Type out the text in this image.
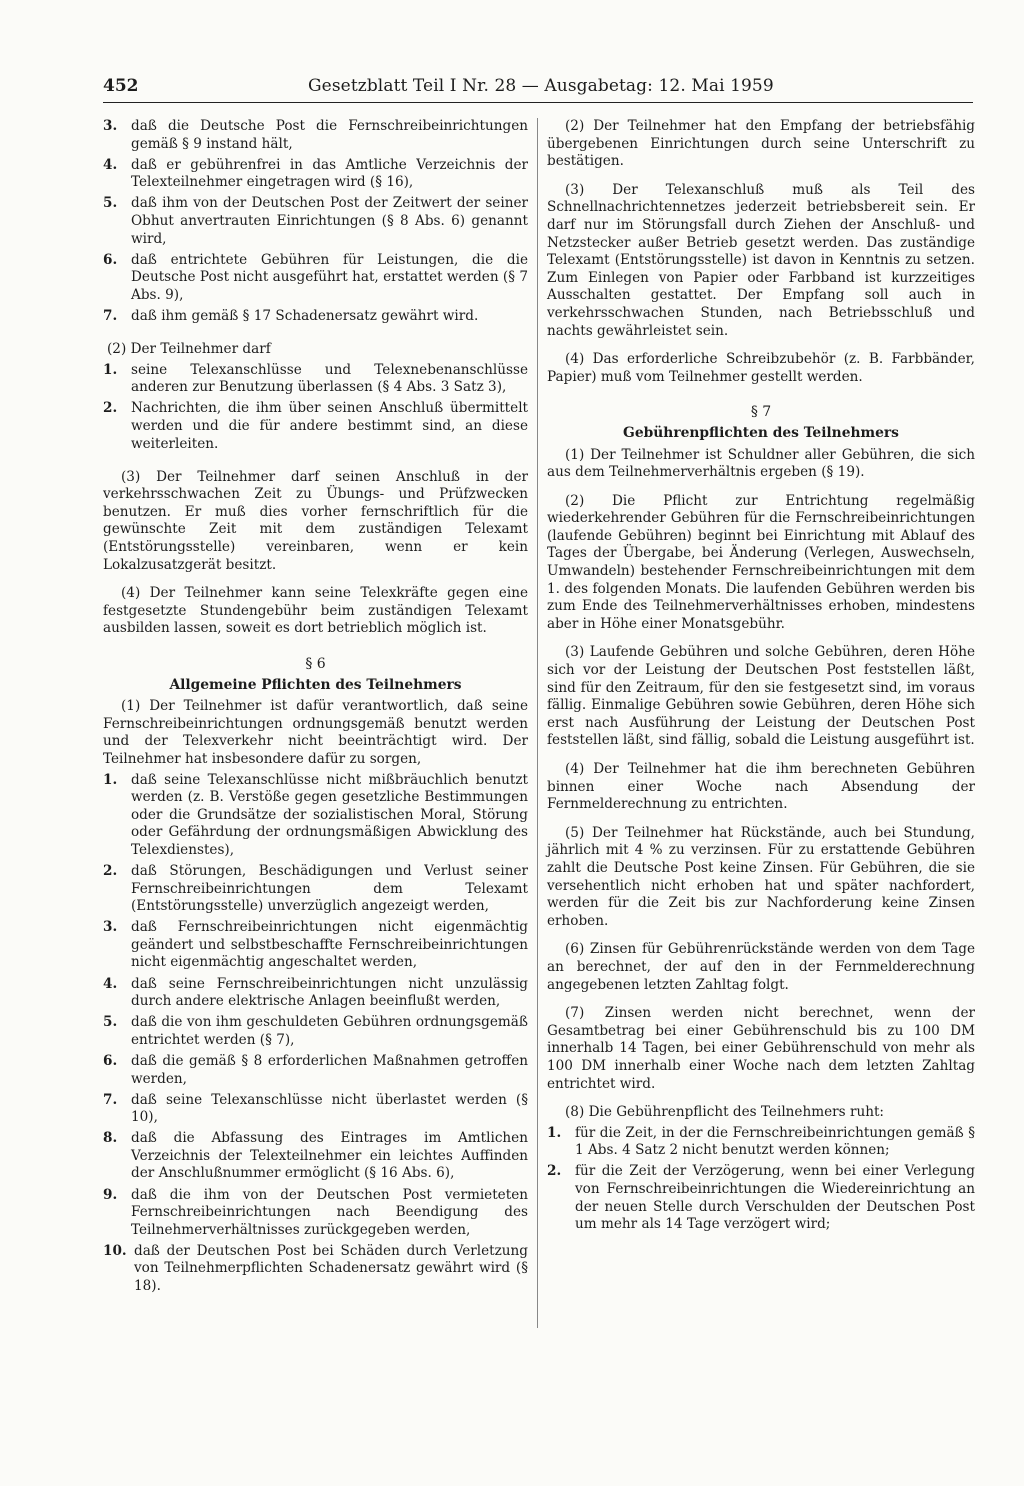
452	Gesetzblatt Teil I Nr. 28 — Ausgabetag: 12. Mai 1959
3.	daß die Deutsche Post die Fernschreibeinrichtungen gemäß § 9 instand hält,
4.	daß er gebührenfrei in das Amtliche Verzeichnis der Telexteilnehmer eingetragen wird (§ 16),
5.	daß ihm von der Deutschen Post der Zeitwert der seiner Obhut anvertrauten Einrichtungen (§ 8 Abs. 6) genannt wird,
6.	daß entrichtete Gebühren für Leistungen, die die Deutsche Post nicht ausgeführt hat, erstattet werden (§ 7 Abs. 9),
7.	daß ihm gemäß § 17 Schadenersatz gewährt wird.
(2) Der Teilnehmer darf
1.	seine Telexanschlüsse und Telexnebenanschlüsse anderen zur Benutzung überlassen (§ 4 Abs. 3 Satz 3),
2.	Nachrichten, die ihm über seinen Anschluß übermittelt werden und die für andere bestimmt sind, an diese weiterleiten.
(3) Der Teilnehmer darf seinen Anschluß in der verkehrsschwachen Zeit zu Übungs- und Prüfzwecken benutzen. Er muß dies vorher fernschriftlich für die gewünschte Zeit mit dem zuständigen Telexamt (Entstörungsstelle) vereinbaren, wenn er kein Lokalzusatzgerät besitzt.
(4) Der Teilnehmer kann seine Telexkräfte gegen eine festgesetzte Stundengebühr beim zuständigen Telexamt ausbilden lassen, soweit es dort betrieblich möglich ist.
§ 6
Allgemeine Pflichten des Teilnehmers
(1) Der Teilnehmer ist dafür verantwortlich, daß seine Fernschreibeinrichtungen ordnungsgemäß benutzt werden und der Telexverkehr nicht beeinträchtigt wird. Der Teilnehmer hat insbesondere dafür zu sorgen,
1.	daß seine Telexanschlüsse nicht mißbräuchlich benutzt werden (z. B. Verstöße gegen gesetzliche Bestimmungen oder die Grundsätze der sozialistischen Moral, Störung oder Gefährdung der ordnungsmäßigen Abwicklung des Telexdienstes),
2.	daß Störungen, Beschädigungen und Verlust seiner Fernschreibeinrichtungen dem Telexamt (Entstörungsstelle) unverzüglich angezeigt werden,
3.	daß Fernschreibeinrichtungen nicht eigenmächtig geändert und selbstbeschaffte Fernschreibeinrichtungen nicht eigenmächtig angeschaltet werden,
4.	daß seine Fernschreibeinrichtungen nicht unzulässig durch andere elektrische Anlagen beeinflußt werden,
5.	daß die von ihm geschuldeten Gebühren ordnungsgemäß entrichtet werden (§ 7),
6.	daß die gemäß § 8 erforderlichen Maßnahmen getroffen werden,
7.	daß seine Telexanschlüsse nicht überlastet werden (§ 10),
8.	daß die Abfassung des Eintrages im Amtlichen Verzeichnis der Telexteilnehmer ein leichtes Auffinden der Anschlußnummer ermöglicht (§ 16 Abs. 6),
9.	daß die ihm von der Deutschen Post vermieteten Fernschreibeinrichtungen nach Beendigung des Teilnehmerverhältnisses zurückgegeben werden,
10. daß der Deutschen Post bei Schäden durch Verletzung von Teilnehmerpflichten Schadenersatz gewährt wird (§ 18).
(2) Der Teilnehmer hat den Empfang der betriebsfähig übergebenen Einrichtungen durch seine Unterschrift zu bestätigen.
(3) Der Telexanschluß muß als Teil des Schnellnachrichtennetzes jederzeit betriebsbereit sein. Er darf nur im Störungsfall durch Ziehen der Anschluß- und Netzstecker außer Betrieb gesetzt werden. Das zuständige Telexamt (Entstörungsstelle) ist davon in Kenntnis zu setzen. Zum Einlegen von Papier oder Farbband ist kurzzeitiges Ausschalten gestattet. Der Empfang soll auch in verkehrsschwachen Stunden, nach Betriebsschluß und nachts gewährleistet sein.
(4) Das erforderliche Schreibzubehör (z. B. Farbbänder, Papier) muß vom Teilnehmer gestellt werden.
§ 7
Gebührenpflichten des Teilnehmers
(1) Der Teilnehmer ist Schuldner aller Gebühren, die sich aus dem Teilnehmerverhältnis ergeben (§ 19).
(2) Die Pflicht zur Entrichtung regelmäßig wiederkehrender Gebühren für die Fernschreibeinrichtungen (laufende Gebühren) beginnt bei Einrichtung mit Ablauf des Tages der Übergabe, bei Änderung (Verlegen, Auswechseln, Umwandeln) bestehender Fernschreibeinrichtungen mit dem 1. des folgenden Monats. Die laufenden Gebühren werden bis zum Ende des Teilnehmerverhältnisses erhoben, mindestens aber in Höhe einer Monatsgebühr.
(3) Laufende Gebühren und solche Gebühren, deren Höhe sich vor der Leistung der Deutschen Post feststellen läßt, sind für den Zeitraum, für den sie festgesetzt sind, im voraus fällig. Einmalige Gebühren sowie Gebühren, deren Höhe sich erst nach Ausführung der Leistung der Deutschen Post feststellen läßt, sind fällig, sobald die Leistung ausgeführt ist.
(4) Der Teilnehmer hat die ihm berechneten Gebühren binnen einer Woche nach Absendung der Fernmelderechnung zu entrichten.
(5) Der Teilnehmer hat Rückstände, auch bei Stundung, jährlich mit 4 % zu verzinsen. Für zu erstattende Gebühren zahlt die Deutsche Post keine Zinsen. Für Gebühren, die sie versehentlich nicht erhoben hat und später nachfordert, werden für die Zeit bis zur Nachforderung keine Zinsen erhoben.
(6) Zinsen für Gebührenrückstände werden von dem Tage an berechnet, der auf den in der Fernmelderechnung angegebenen letzten Zahltag folgt.
(7) Zinsen werden nicht berechnet, wenn der Gesamtbetrag bei einer Gebührenschuld bis zu 100 DM innerhalb 14 Tagen, bei einer Gebührenschuld von mehr als 100 DM innerhalb einer Woche nach dem letzten Zahltag entrichtet wird.
(8) Die Gebührenpflicht des Teilnehmers ruht:
1.	für die Zeit, in der die Fernschreibeinrichtungen gemäß § 1 Abs. 4 Satz 2 nicht benutzt werden können;
2.	für die Zeit der Verzögerung, wenn bei einer Verlegung von Fernschreibeinrichtungen die Wiedereinrichtung an der neuen Stelle durch Verschulden der Deutschen Post um mehr als 14 Tage verzögert wird;
